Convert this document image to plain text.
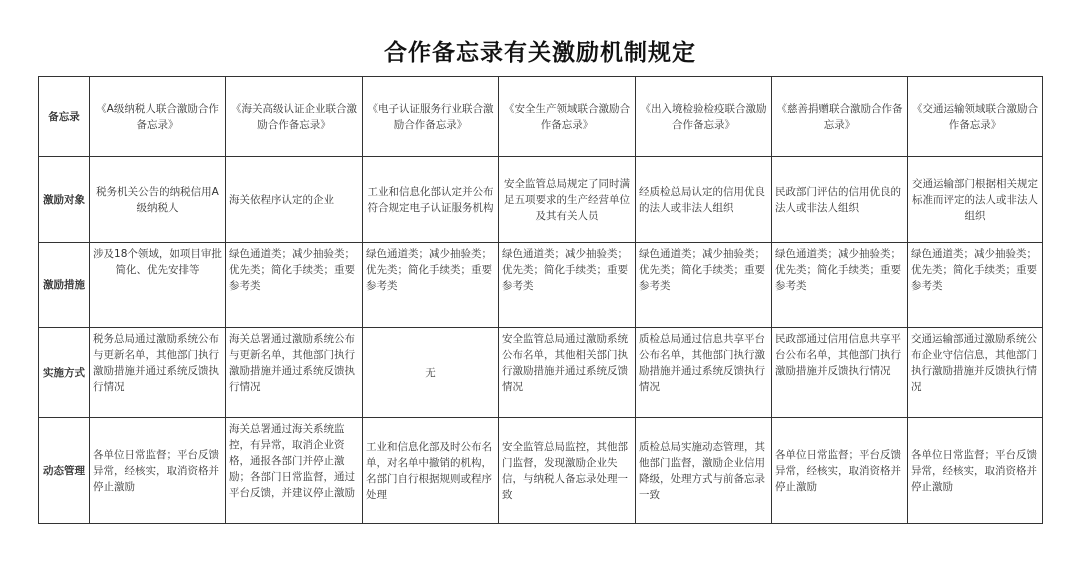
合作备忘录有关激励机制规定
备忘录	《A级纳税人联合激励合作备忘录》	《海关高级认证企业联合激励合作备忘录》	《电子认证服务行业联合激励合作备忘录》	《安全生产领域联合激励合作备忘录》	《出入境检验检疫联合激励合作备忘录》	《慈善捐赠联合激励合作备忘录》	《交通运输领域联合激励合作备忘录》
激励对象	税务机关公告的纳税信用A级纳税人	海关依程序认定的企业	工业和信息化部认定并公布符合规定电子认证服务机构	安全监管总局规定了同时满足五项要求的生产经营单位及其有关人员	经质检总局认定的信用优良的法人或非法人组织	民政部门评估的信用优良的法人或非法人组织	交通运输部门根据相关规定标准而评定的法人或非法人组织
激励措施	涉及18个领域，如项目审批简化、优先安排等	绿色通道类；减少抽验类；优先类；简化手续类；重要参考类	绿色通道类；减少抽验类；优先类；简化手续类；重要参考类	绿色通道类；减少抽验类；优先类；简化手续类；重要参考类	绿色通道类；减少抽验类；优先类；简化手续类；重要参考类	绿色通道类；减少抽验类；优先类；简化手续类；重要参考类	绿色通道类；减少抽验类；优先类；简化手续类；重要参考类
实施方式	税务总局通过激励系统公布与更新名单，其他部门执行激励措施并通过系统反馈执行情况	海关总署通过激励系统公布与更新名单，其他部门执行激励措施并通过系统反馈执行情况	无	安全监管总局通过激励系统公布名单，其他相关部门执行激励措施并通过系统反馈情况	质检总局通过信息共享平台公布名单，其他部门执行激励措施并通过系统反馈执行情况	民政部通过信用信息共享平台公布名单，其他部门执行激励措施并反馈执行情况	交通运输部通过激励系统公布企业守信信息，其他部门执行激励措施并反馈执行情况
动态管理	各单位日常监督；平台反馈异常，经核实，取消资格并停止激励	海关总署通过海关系统监控，有异常，取消企业资格，通报各部门并停止激励；各部门日常监督，通过平台反馈，并建议停止激励	工业和信息化部及时公布名单，对名单中撤销的机构，名部门自行根据规则或程序处理	安全监管总局监控，其他部门监督，发现激励企业失信，与纳税人备忘录处理一致	质检总局实施动态管理，其他部门监督，激励企业信用降级，处理方式与前备忘录一致	各单位日常监督；平台反馈异常，经核实，取消资格并停止激励	各单位日常监督；平台反馈异常，经核实，取消资格并停止激励
